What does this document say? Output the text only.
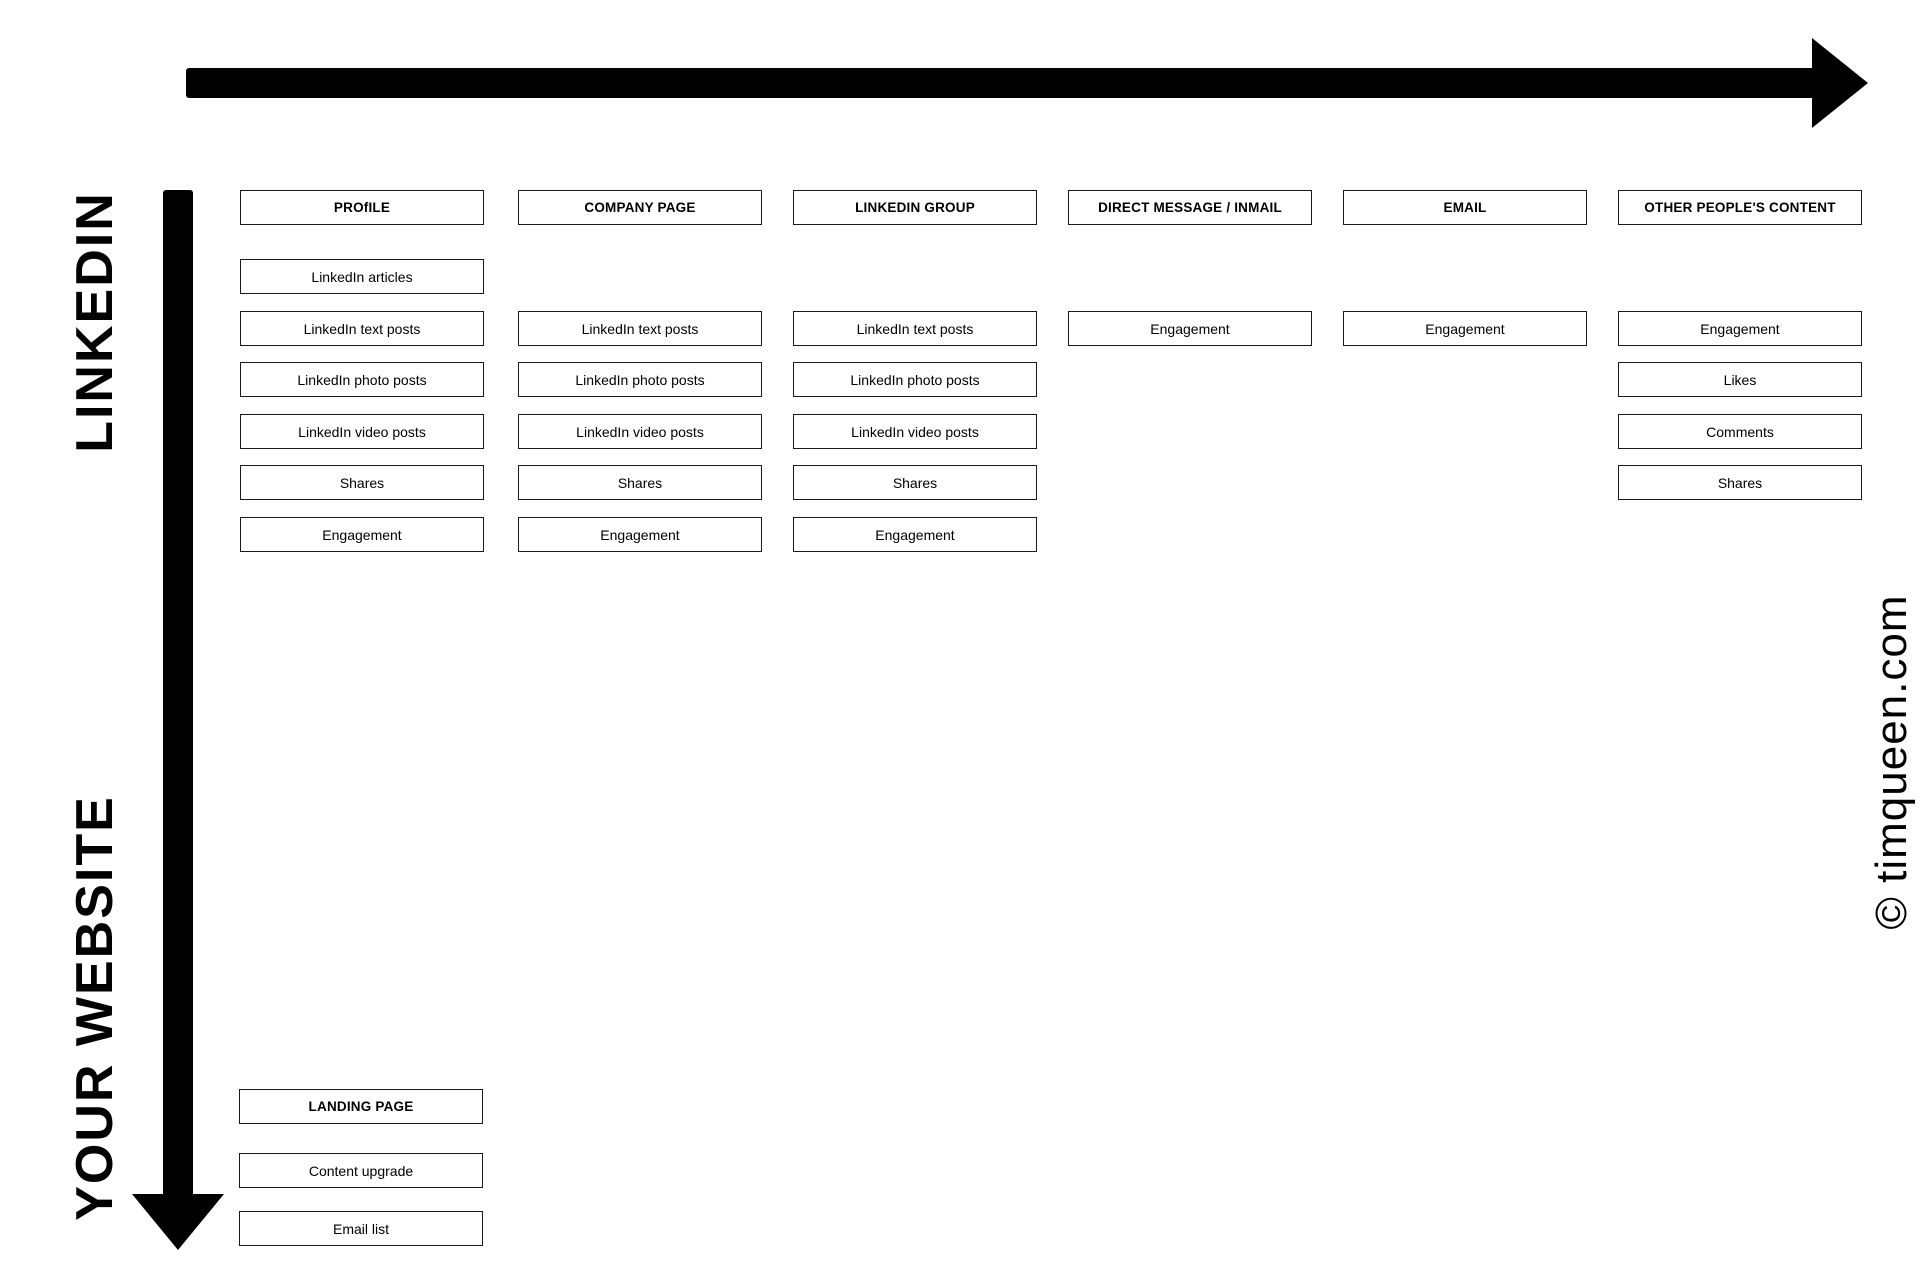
LINKEDIN
YOUR WEBSITE
© timqueen.com
PROfILE
LinkedIn articles
LinkedIn text posts
LinkedIn photo posts
LinkedIn video posts
Shares
Engagement
COMPANY PAGE
LinkedIn text posts
LinkedIn photo posts
LinkedIn video posts
Shares
Engagement
LINKEDIN GROUP
LinkedIn text posts
LinkedIn photo posts
LinkedIn video posts
Shares
Engagement
DIRECT MESSAGE / INMAIL
Engagement
EMAIL
Engagement
OTHER PEOPLE'S CONTENT
Engagement
Likes
Comments
Shares
LANDING PAGE
Content upgrade
Email list
